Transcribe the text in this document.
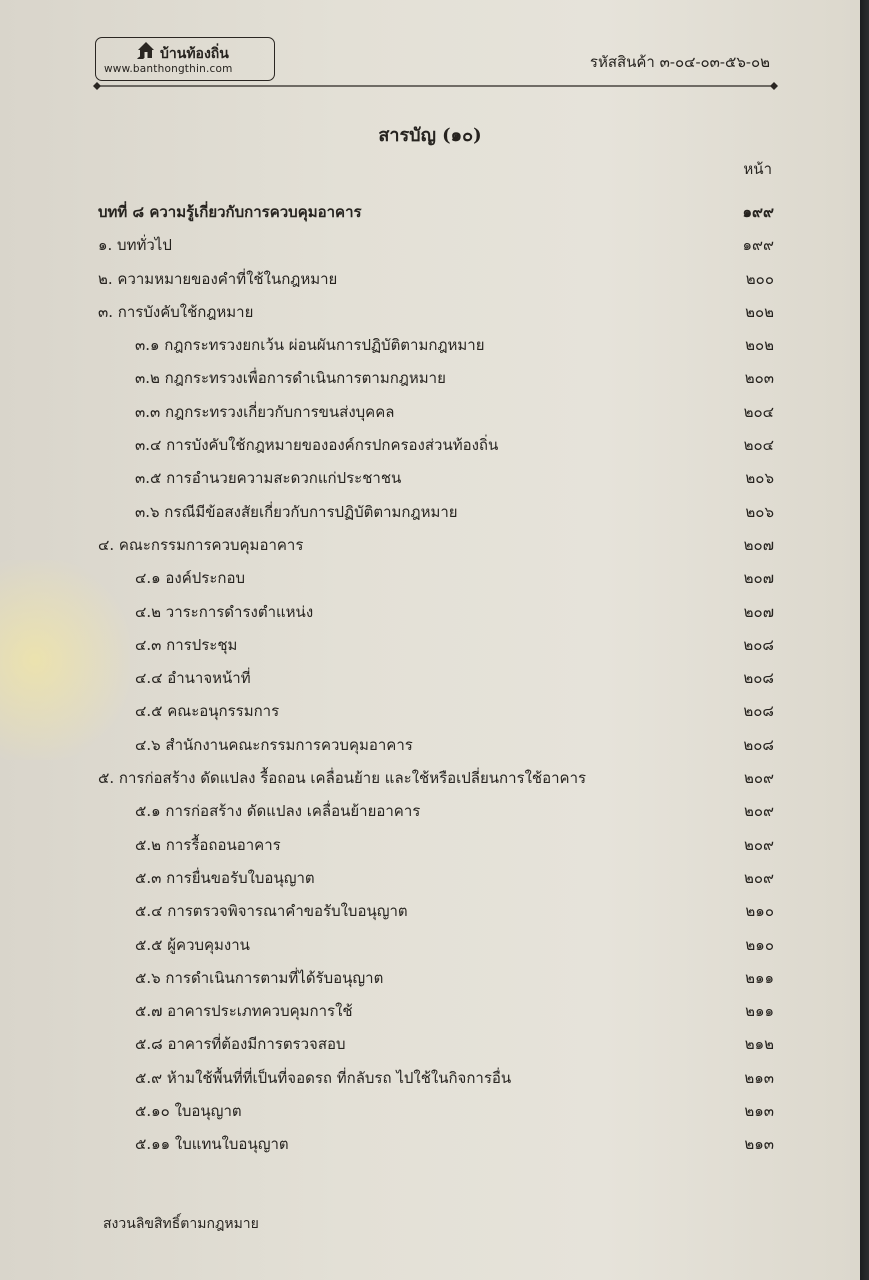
บ้านท้องถิ่น
www.banthongthin.com	รหัสสินค้า ๓-๐๔-๐๓-๕๖-๐๒
สารบัญ (๑๐)
หน้า
บทที่ ๘ ความรู้เกี่ยวกับการควบคุมอาคาร	๑๙๙
๑. บททั่วไป	๑๙๙
๒. ความหมายของคำที่ใช้ในกฎหมาย	๒๐๐
๓. การบังคับใช้กฎหมาย	๒๐๒
๓.๑ กฎกระทรวงยกเว้น ผ่อนผันการปฏิบัติตามกฎหมาย	๒๐๒
๓.๒ กฎกระทรวงเพื่อการดำเนินการตามกฎหมาย	๒๐๓
๓.๓ กฎกระทรวงเกี่ยวกับการขนส่งบุคคล	๒๐๔
๓.๔ การบังคับใช้กฎหมายขององค์กรปกครองส่วนท้องถิ่น	๒๐๔
๓.๕ การอำนวยความสะดวกแก่ประชาชน	๒๐๖
๓.๖ กรณีมีข้อสงสัยเกี่ยวกับการปฏิบัติตามกฎหมาย	๒๐๖
๔. คณะกรรมการควบคุมอาคาร	๒๐๗
๔.๑ องค์ประกอบ	๒๐๗
๔.๒ วาระการดำรงตำแหน่ง	๒๐๗
๔.๓ การประชุม	๒๐๘
๔.๔ อำนาจหน้าที่	๒๐๘
๔.๕ คณะอนุกรรมการ	๒๐๘
๔.๖ สำนักงานคณะกรรมการควบคุมอาคาร	๒๐๘
๕. การก่อสร้าง ดัดแปลง รื้อถอน เคลื่อนย้าย และใช้หรือเปลี่ยนการใช้อาคาร	๒๐๙
๕.๑ การก่อสร้าง ดัดแปลง เคลื่อนย้ายอาคาร	๒๐๙
๕.๒ การรื้อถอนอาคาร	๒๐๙
๕.๓ การยื่นขอรับใบอนุญาต	๒๐๙
๕.๔ การตรวจพิจารณาคำขอรับใบอนุญาต	๒๑๐
๕.๕ ผู้ควบคุมงาน	๒๑๐
๕.๖ การดำเนินการตามที่ได้รับอนุญาต	๒๑๑
๕.๗ อาคารประเภทควบคุมการใช้	๒๑๑
๕.๘ อาคารที่ต้องมีการตรวจสอบ	๒๑๒
๕.๙ ห้ามใช้พื้นที่ที่เป็นที่จอดรถ ที่กลับรถ ไปใช้ในกิจการอื่น	๒๑๓
๕.๑๐ ใบอนุญาต	๒๑๓
๕.๑๑ ใบแทนใบอนุญาต	๒๑๓
สงวนลิขสิทธิ์ตามกฎหมาย
